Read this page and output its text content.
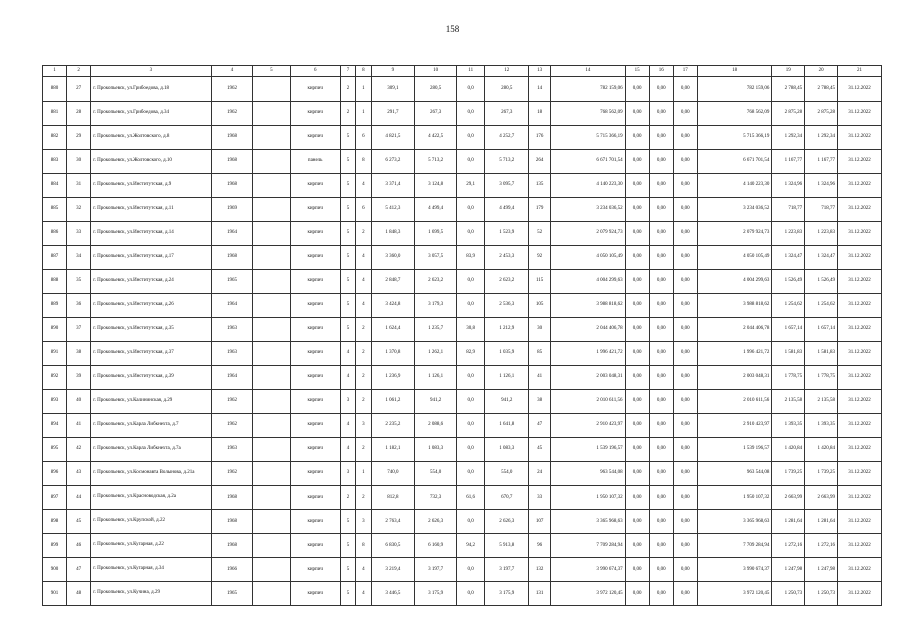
158
1	2	3	4	5	6	7	8	9	10	11	12	13	14	15	16	17	18	19	20	21
880	27	г. Прокопьевск, ул.Грибоедова, д.18	1962		кирпич	2	1	309,1	280,5	0,0	280,5	14	782 159,06	0,00	0,00	0,00	782 159,06	2 788,45	2 788,45	31.12.2022
881	28	г. Прокопьевск, ул.Грибоедова, д.34	1962		кирпич	2	1	291,7	267,3	0,0	267,3	18	768 562,09	0,00	0,00	0,00	768 562,09	2 875,28	2 875,28	31.12.2022
882	29	г. Прокопьевск, ул.Жолтовского, д.8	1968		кирпич	5	6	4 821,5	4 422,5	0,0	4 252,7	176	5 715 366,19	0,00	0,00	0,00	5 715 366,19	1 292,34	1 292,34	31.12.2022
883	30	г. Прокопьевск, ул.Жолтовского, д.10	1968		панель	5	8	6 273,2	5 713,2	0,0	5 713,2	264	6 671 701,54	0,00	0,00	0,00	6 671 701,54	1 167,77	1 167,77	31.12.2022
884	31	г. Прокопьевск, ул.Институтская, д.9	1968		кирпич	5	4	3 371,4	3 124,8	29,1	3 095,7	135	4 140 223,30	0,00	0,00	0,00	4 140 223,30	1 324,96	1 324,96	31.12.2022
885	32	г. Прокопьевск, ул.Институтская, д.11	1969		кирпич	5	6	5 412,3	4 499,4	0,0	4 499,4	179	3 234 036,52	0,00	0,00	0,00	3 234 036,52	718,77	718,77	31.12.2022
886	33	г. Прокопьевск, ул.Институтская, д.14	1964		кирпич	5	2	1 848,3	1 699,5	0,0	1 523,9	52	2 079 924,73	0,00	0,00	0,00	2 079 924,73	1 223,83	1 223,83	31.12.2022
887	34	г. Прокопьевск, ул.Институтская, д.17	1968		кирпич	5	4	3 360,0	3 057,5	83,9	2 453,3	92	4 050 105,49	0,00	0,00	0,00	4 050 105,49	1 324,47	1 324,47	31.12.2022
888	35	г. Прокопьевск, ул.Институтская, д.24	1965		кирпич	5	4	2 848,7	2 623,2	0,0	2 623,2	115	4 004 299,63	0,00	0,00	0,00	4 004 299,63	1 526,49	1 526,49	31.12.2022
889	36	г. Прокопьевск, ул.Институтская, д.26	1964		кирпич	5	4	3 424,8	3 179,3	0,0	2 536,3	105	3 988 818,62	0,00	0,00	0,00	3 988 818,62	1 254,62	1 254,62	31.12.2022
890	37	г. Прокопьевск, ул.Институтская, д.35	1963		кирпич	5	2	1 624,4	1 235,7	30,8	1 212,9	30	2 044 406,78	0,00	0,00	0,00	2 044 406,78	1 657,14	1 657,14	31.12.2022
891	38	г. Прокопьевск, ул.Институтская, д.37	1963		кирпич	4	2	1 370,8	1 262,1	82,9	1 035,9	85	1 996 421,72	0,00	0,00	0,00	1 996 421,72	1 581,83	1 581,83	31.12.2022
892	39	г. Прокопьевск, ул.Институтская, д.39	1964		кирпич	4	2	1 236,9	1 126,1	0,0	1 126,1	41	2 003 048,31	0,00	0,00	0,00	2 003 048,31	1 778,75	1 778,75	31.12.2022
893	40	г. Прокопьевск, ул.Калининская, д.29	1962		кирпич	3	2	1 061,2	941,2	0,0	941,2	38	2 010 611,56	0,00	0,00	0,00	2 010 611,56	2 135,58	2 135,58	31.12.2022
894	41	г. Прокопьевск, ул.Карла Либкнехта, д.7	1962		кирпич	4	3	2 235,2	2 088,6	0,0	1 641,8	47	2 910 423,97	0,00	0,00	0,00	2 910 423,97	1 393,35	1 393,35	31.12.2022
895	42	г. Прокопьевск, ул.Карла Либкнехта, д.7а	1963		кирпич	4	2	1 182,1	1 083,3	0,0	1 083,3	45	1 539 196,57	0,00	0,00	0,00	1 539 196,57	1 420,84	1 420,84	31.12.2022
896	43	г. Прокопьевск, ул.Космонавта Волынова, д.21а	1962		кирпич	3	1	740,0	554,0	0,0	554,0	24	963 544,08	0,00	0,00	0,00	963 544,08	1 739,25	1 739,25	31.12.2022
897	44	г. Прокопьевск, ул.Красноводская, д.2а	1968		кирпич	2	2	812,8	732,3	61,6	670,7	33	1 950 107,32	0,00	0,00	0,00	1 950 107,32	2 663,99	2 663,99	31.12.2022
898	45	г. Прокопьевск, ул.Крупской, д.22	1968		кирпич	5	3	2 763,4	2 626,3	0,0	2 626,3	107	3 365 968,63	0,00	0,00	0,00	3 365 968,63	1 281,64	1 281,64	31.12.2022
899	46	г. Прокопьевск, ул.Кугарная, д.22	1968		кирпич	5	8	6 830,5	6 160,9	94,2	5 913,8	96	7 709 284,94	0,00	0,00	0,00	7 709 284,94	1 272,16	1 272,16	31.12.2022
900	47	г. Прокопьевск, ул.Кугарная, д.34	1966		кирпич	5	4	3 219,4	3 197,7	0,0	3 197,7	132	3 990 674,37	0,00	0,00	0,00	3 990 674,37	1 247,98	1 247,98	31.12.2022
901	48	г. Прокопьевск, ул.Кучина, д.29	1965		кирпич	5	4	3 446,5	3 175,9	0,0	3 175,9	131	3 972 120,45	0,00	0,00	0,00	3 972 120,45	1 250,73	1 250,73	31.12.2022
